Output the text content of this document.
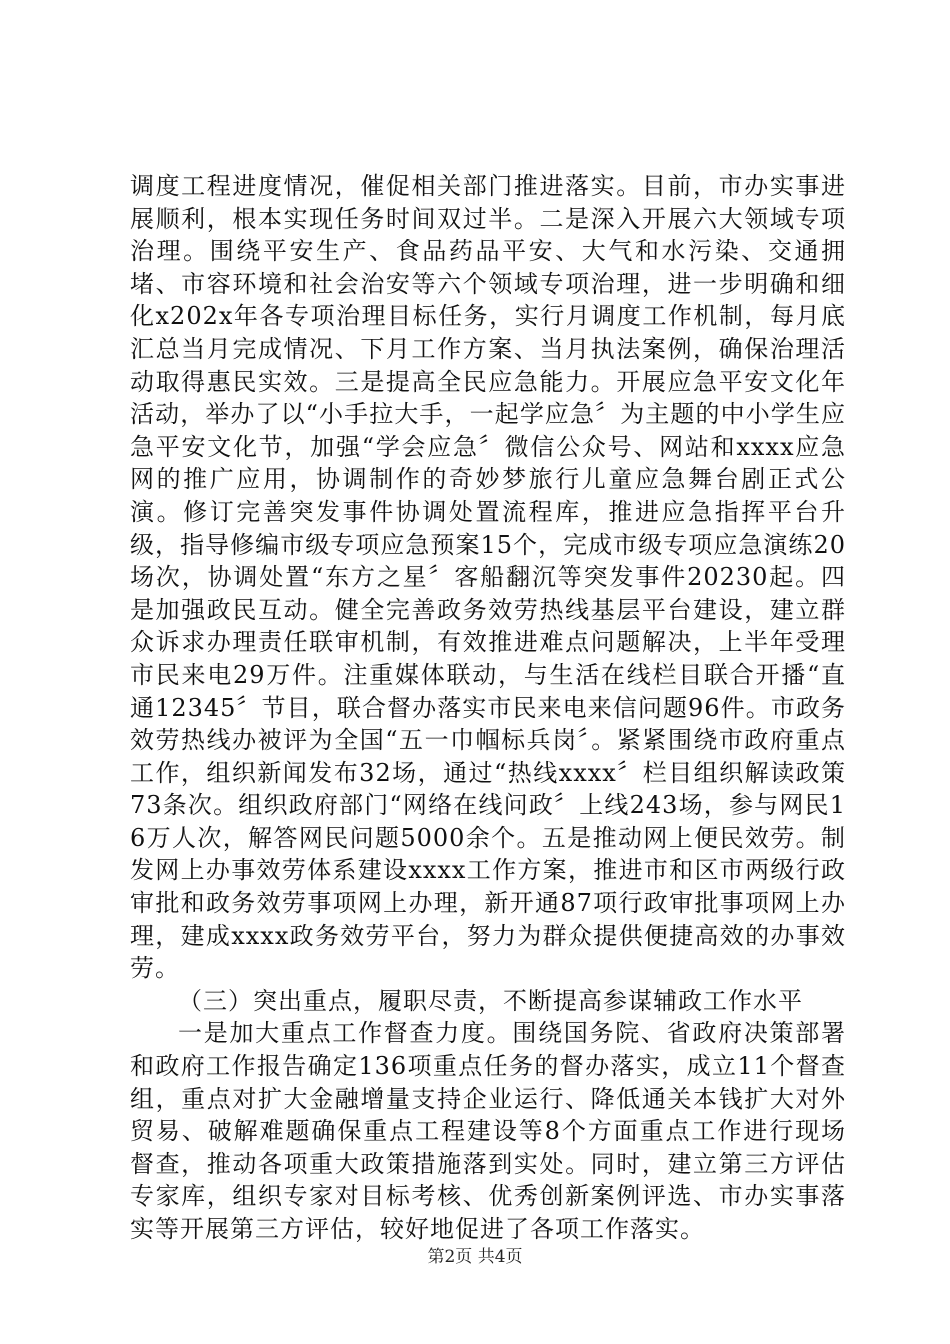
调度工程进度情况，催促相关部门推进落实。目前，市办实事进展顺利，根本实现任务时间双过半。二是深入开展六大领域专项治理。围绕平安生产、食品药品平安、大气和水污染、交通拥堵、市容环境和社会治安等六个领域专项治理，进一步明确和细化x202x年各专项治理目标任务，实行月调度工作机制，每月底汇总当月完成情况、下月工作方案、当月执法案例，确保治理活动取得惠民实效。三是提高全民应急能力。开展应急平安文化年活动，举办了以“小手拉大手，一起学应急〞为主题的中小学生应急平安文化节，加强“学会应急〞微信公众号、网站和xxxx应急网的推广应用，协调制作的奇妙梦旅行儿童应急舞台剧正式公演。修订完善突发事件协调处置流程库，推进应急指挥平台升级，指导修编市级专项应急预案15个，完成市级专项应急演练20场次，协调处置“东方之星〞客船翻沉等突发事件20230起。四是加强政民互动。健全完善政务效劳热线基层平台建设，建立群众诉求办理责任联审机制，有效推进难点问题解决，上半年受理市民来电29万件。注重媒体联动，与生活在线栏目联合开播“直通12345〞节目，联合督办落实市民来电来信问题96件。市政务效劳热线办被评为全国“五一巾帼标兵岗〞。紧紧围绕市政府重点工作，组织新闻发布32场，通过“热线xxxx〞栏目组织解读政策73条次。组织政府部门“网络在线问政〞上线243场，参与网民16万人次，解答网民问题5000余个。五是推动网上便民效劳。制发网上办事效劳体系建设xxxx工作方案，推进市和区市两级行政审批和政务效劳事项网上办理，新开通87项行政审批事项网上办理，建成xxxx政务效劳平台，努力为群众提供便捷高效的办事效劳。

（三）突出重点，履职尽责，不断提高参谋辅政工作水平

一是加大重点工作督查力度。围绕国务院、省政府决策部署和政府工作报告确定136项重点任务的督办落实，成立11个督查组，重点对扩大金融增量支持企业运行、降低通关本钱扩大对外贸易、破解难题确保重点工程建设等8个方面重点工作进行现场督查，推动各项重大政策措施落到实处。同时，建立第三方评估专家库，组织专家对目标考核、优秀创新案例评选、市办实事落实等开展第三方评估，较好地促进了各项工作落实。

第2页 共4页
